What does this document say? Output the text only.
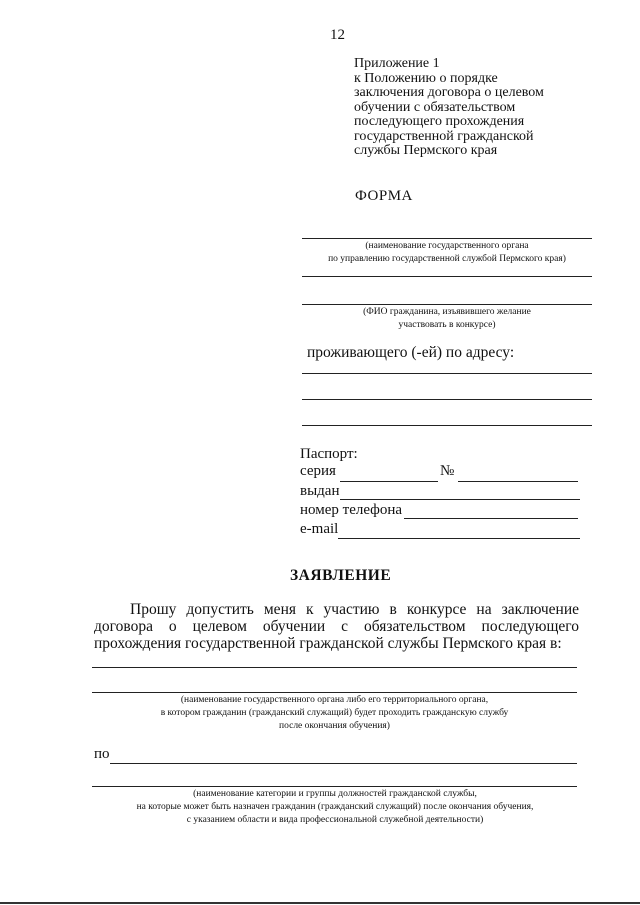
12
Приложение 1
к Положению о порядке
заключения договора о целевом
обучении с обязательством
последующего прохождения
государственной гражданской
службы Пермского края
ФОРМА
(наименование государственного органа
по управлению государственной службой Пермского края)
(ФИО гражданина, изъявившего желание
участвовать в конкурсе)
проживающего (-ей) по адресу:
Паспорт:
серия	№
выдан
номер телефона
e-mail
ЗАЯВЛЕНИЕ
Прошу допустить меня к участию в конкурсе на заключение
договора о целевом обучении с обязательством последующего
прохождения государственной гражданской службы Пермского края в:
(наименование государственного органа либо его территориального органа,
в котором гражданин (гражданский служащий) будет проходить гражданскую службу
после окончания обучения)
по
(наименование категории и группы должностей гражданской службы,
на которые может быть назначен гражданин (гражданский служащий) после окончания обучения,
с указанием области и вида профессиональной служебной деятельности)
